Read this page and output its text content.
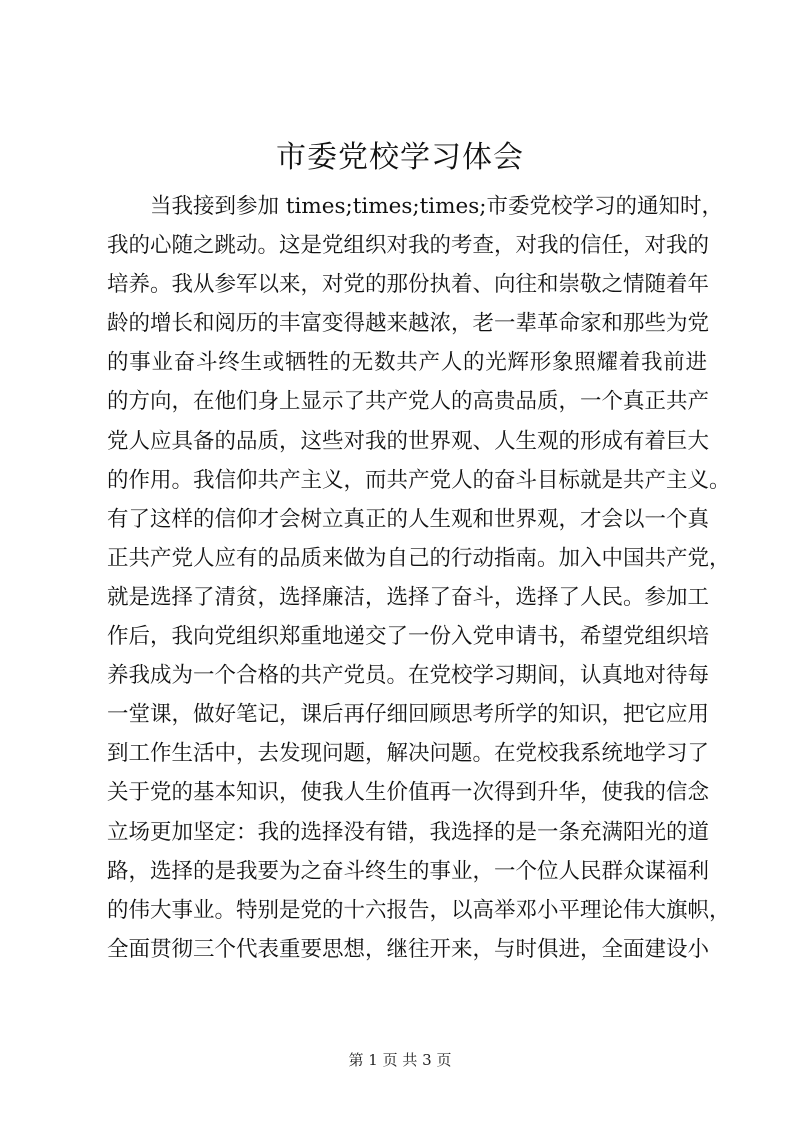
市委党校学习体会
当我接到参加 times;times;times;市委党校学习的通知时，
我的心随之跳动。这是党组织对我的考查，对我的信任，对我的
培养。我从参军以来，对党的那份执着、向往和崇敬之情随着年
龄的增长和阅历的丰富变得越来越浓，老一辈革命家和那些为党
的事业奋斗终生或牺牲的无数共产人的光辉形象照耀着我前进
的方向，在他们身上显示了共产党人的高贵品质，一个真正共产
党人应具备的品质，这些对我的世界观、人生观的形成有着巨大
的作用。我信仰共产主义，而共产党人的奋斗目标就是共产主义。
有了这样的信仰才会树立真正的人生观和世界观，才会以一个真
正共产党人应有的品质来做为自己的行动指南。加入中国共产党，
就是选择了清贫，选择廉洁，选择了奋斗，选择了人民。参加工
作后，我向党组织郑重地递交了一份入党申请书，希望党组织培
养我成为一个合格的共产党员。在党校学习期间，认真地对待每
一堂课，做好笔记，课后再仔细回顾思考所学的知识，把它应用
到工作生活中，去发现问题，解决问题。在党校我系统地学习了
关于党的基本知识，使我人生价值再一次得到升华，使我的信念
立场更加坚定：我的选择没有错，我选择的是一条充满阳光的道
路，选择的是我要为之奋斗终生的事业，一个位人民群众谋福利
的伟大事业。特别是党的十六报告，以高举邓小平理论伟大旗帜，
全面贯彻三个代表重要思想，继往开来，与时俱进，全面建设小
第 1 页 共 3 页
